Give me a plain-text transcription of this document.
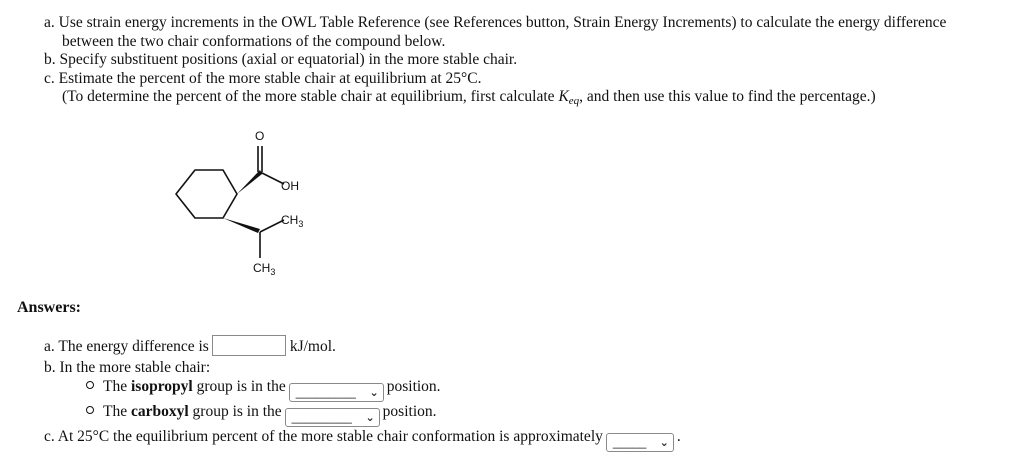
a. Use strain energy increments in the OWL Table Reference (see References button, Strain Energy Increments) to calculate the energy difference
between the two chair conformations of the compound below.
b. Specify substituent positions (axial or equatorial) in the more stable chair.
c. Estimate the percent of the more stable chair at equilibrium at 25°C.
(To determine the percent of the more stable chair at equilibrium, first calculate $K_{eq}$, and then use this value to find the percentage.)
O
OH
$CH_3$
$CH_3$
Answers:
a. The energy difference is	kJ/mol.
b. In the more stable chair:
The isopropyl group is in the _________ ⌄ position.
The carboxyl group is in the _________ ⌄ position.
c. At 25°C the equilibrium percent of the more stable chair conformation is approximately _____ ⌄ .
